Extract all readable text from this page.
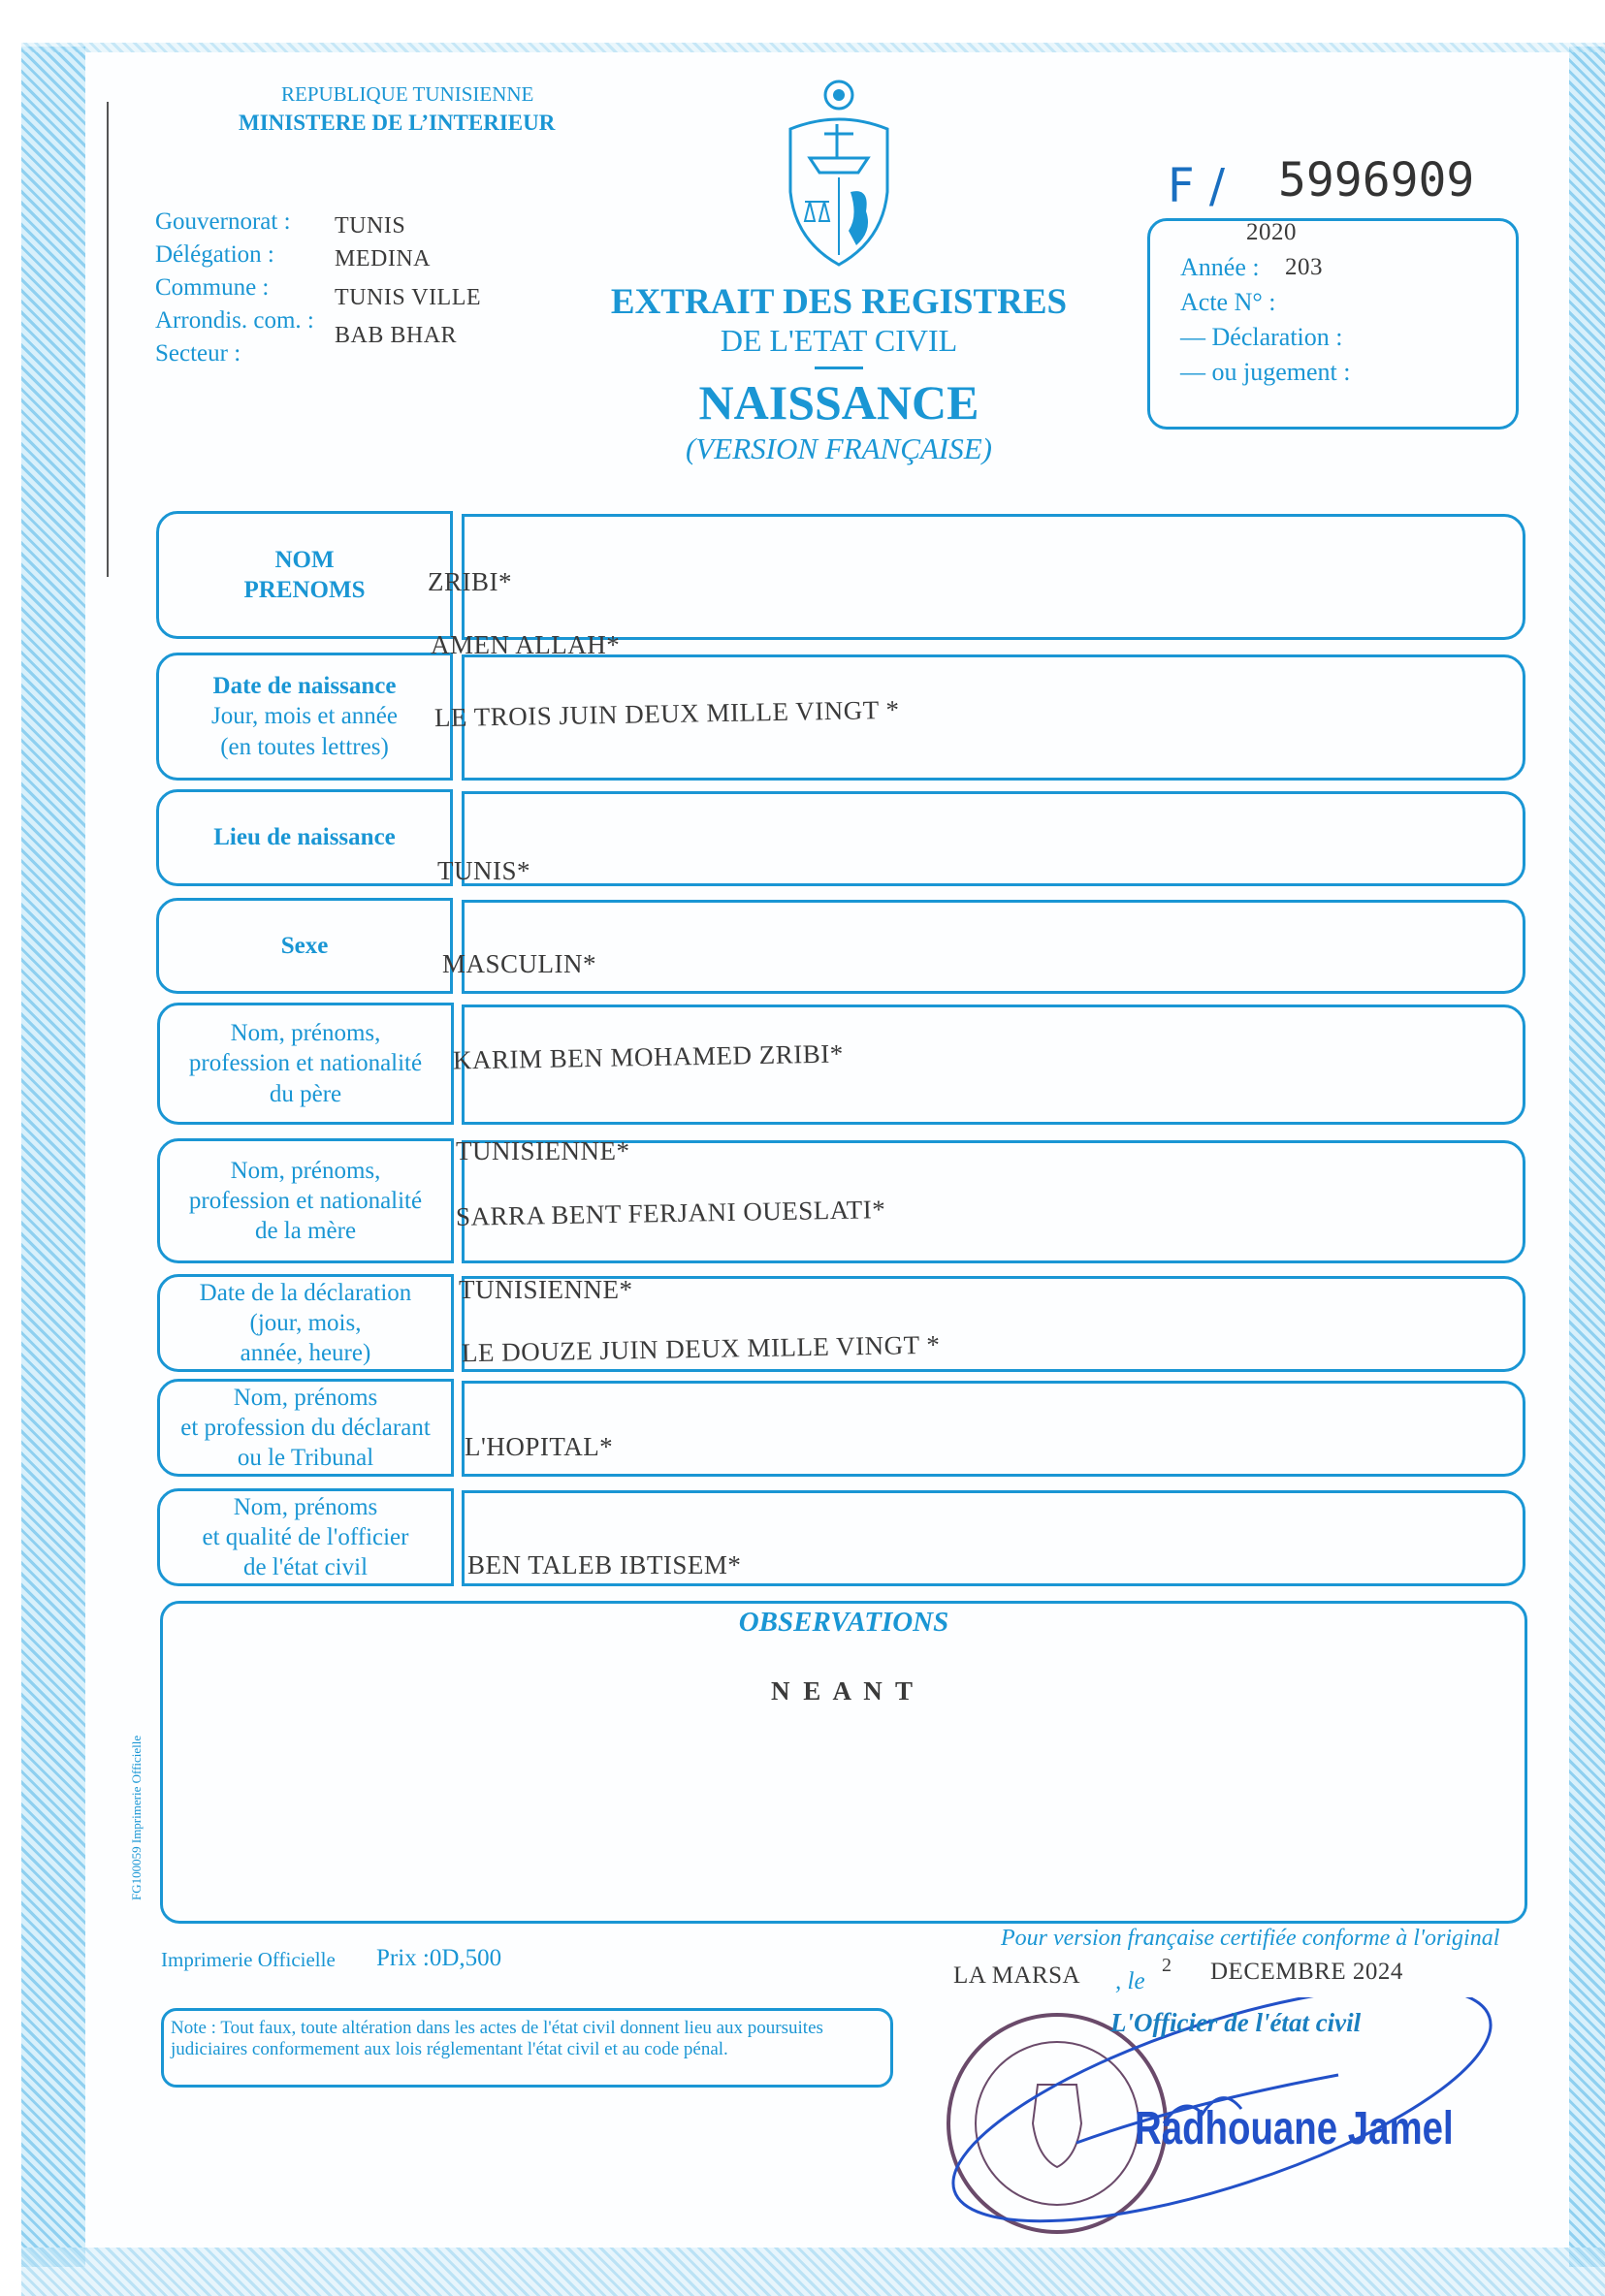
REPUBLIQUE TUNISIENNE
MINISTERE DE L’INTERIEUR
Gouvernorat :
Délégation :
Commune :
Arrondis. com. :
Secteur :
TUNIS
MEDINA
TUNIS VILLE
BAB BHAR
EXTRAIT DES REGISTRES
DE L'ETAT CIVIL
NAISSANCE
(VERSION FRANÇAISE)
F / 5996909
Année :
Acte N° :
— Déclaration :
— ou jugement :
2020
203
NOM
PRENOMS
Date de naissance
Jour, mois et année
(en toutes lettres)
Lieu de naissance
Sexe
Nom, prénoms,
profession et nationalité
du père
Nom, prénoms,
profession et nationalité
de la mère
Date de la déclaration
(jour, mois,
année, heure)
Nom, prénoms
et profession du déclarant
ou le Tribunal
Nom, prénoms
et qualité de l'officier
de l'état civil
ZRIBI*
AMEN ALLAH*
LE TROIS JUIN DEUX MILLE VINGT *
TUNIS*
MASCULIN*
KARIM BEN MOHAMED ZRIBI*
TUNISIENNE*
SARRA BENT FERJANI OUESLATI*
TUNISIENNE*
LE DOUZE JUIN DEUX MILLE VINGT *
L'HOPITAL*
BEN TALEB IBTISEM*
OBSERVATIONS
N E A N T
FG100059 Imprimerie Officielle
Imprimerie Officielle Prix :0D,500
Pour version française certifiée conforme à l'original
LA MARSA , le
2 DECEMBRE 2024
Note : Tout faux, toute altération dans les actes de l'état civil donnent lieu aux poursuites judiciaires conformement aux lois réglementant l'état civil et au code pénal.
L'Officier de l'état civil
Radhouane Jamel
